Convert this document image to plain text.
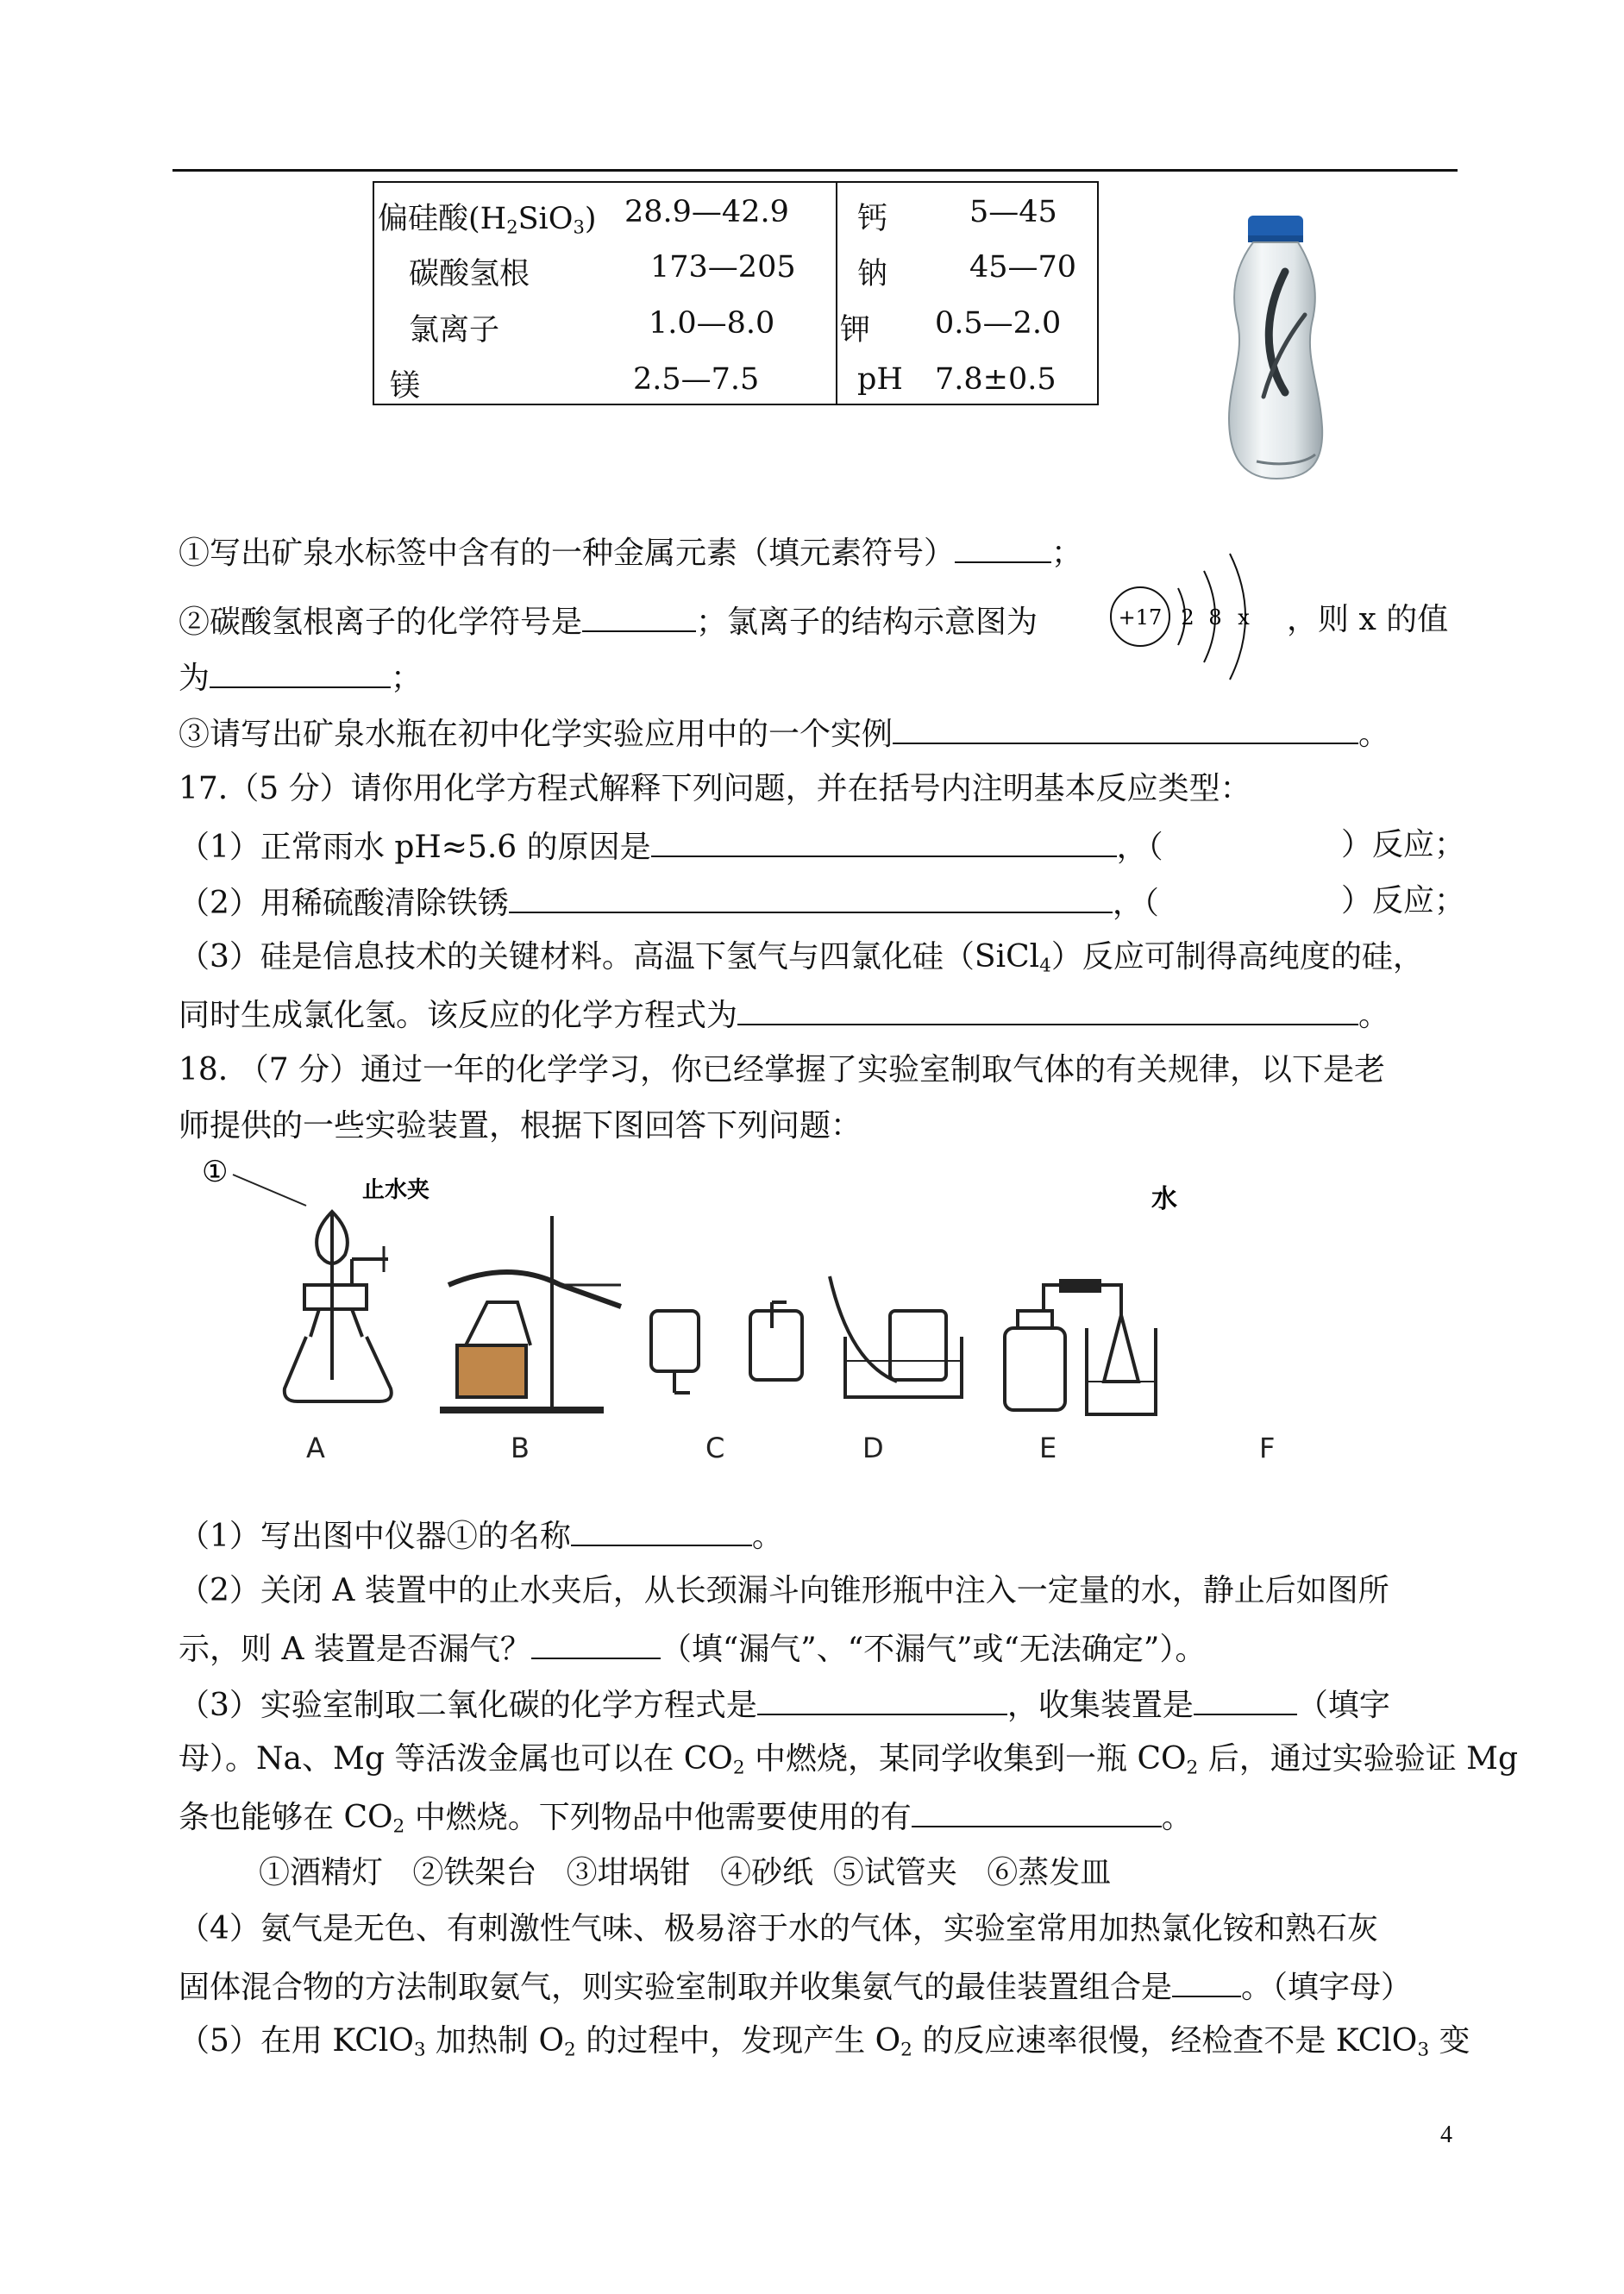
偏硅酸$(H_2SiO_3)$ 28.9—42.9 钙	5—45
碳酸氢根	173—205 钠	45—70
氯离子	1.0—8.0 钾 0.5—2.0
镁	2.5—7.5	pH 7.8±0.5
①写出矿泉水标签中含有的一种金属元素（填元素符号）	；
②碳酸氢根离子的化学符号是	；氯离子的结构示意图为	+17 2 8 x ，则 x 的值
为	；
③请写出矿泉水瓶在初中化学实验应用中的一个实例	。
17.（5 分）请你用化学方程式解释下列问题，并在括号内注明基本反应类型：
（1）正常雨水 pH≈5.6 的原因是	，（	）反应；
（2）用稀硫酸清除铁锈	，（	）反应；
（3）硅是信息技术的关键材料。高温下氢气与四氯化硅（SiCl$_4$）反应可制得高纯度的硅，
同时生成氯化氢。该反应的化学方程式为	。
18. （7 分）通过一年的化学学习，你已经掌握了实验室制取气体的有关规律，以下是老
师提供的一些实验装置，根据下图回答下列问题：
①
止水夹	水
A	B	C	D	E	F
（1）写出图中仪器①的名称	。
（2）关闭 A 装置中的止水夹后，从长颈漏斗向锥形瓶中注入一定量的水，静止后如图所
示，则 A 装置是否漏气？	（填“漏气”、“不漏气”或“无法确定”）。
（3）实验室制取二氧化碳的化学方程式是	，收集装置是	（填字
母）。Na、Mg 等活泼金属也可以在 $CO_2$ 中燃烧，某同学收集到一瓶 $CO_2$ 后，通过实验验证 Mg
条也能够在 $CO_2$ 中燃烧。下列物品中他需要使用的有	。
①酒精灯   ②铁架台   ③坩埚钳   ④砂纸  ⑤试管夹   ⑥蒸发皿
（4）氨气是无色、有刺激性气味、极易溶于水的气体，实验室常用加热氯化铵和熟石灰
固体混合物的方法制取氨气，则实验室制取并收集氨气的最佳装置组合是 。（填字母）
（5）在用 KClO$_3$ 加热制 $O_2$ 的过程中，发现产生 $O_2$ 的反应速率很慢，经检查不是 KClO$_3$ 变
4
